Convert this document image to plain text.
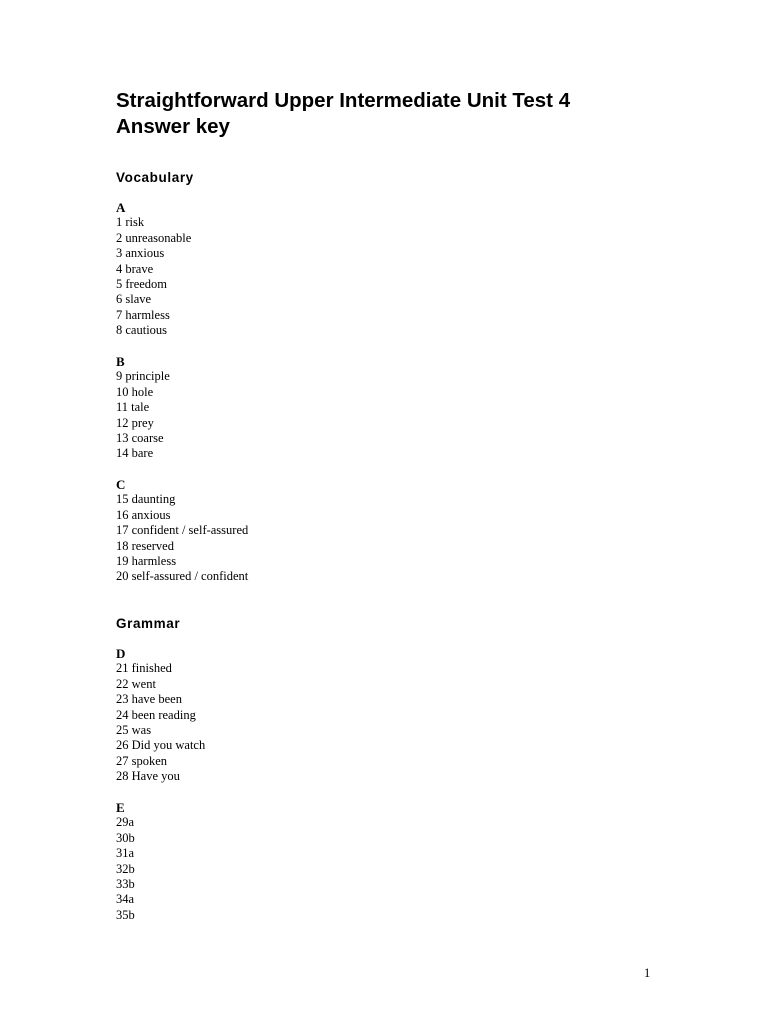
Straightforward Upper Intermediate Unit Test 4
Answer key
Vocabulary
A
1 risk
2 unreasonable
3 anxious
4 brave
5 freedom
6 slave
7 harmless
8 cautious
B
9 principle
10 hole
11 tale
12 prey
13 coarse
14 bare
C
15 daunting
16 anxious
17 confident / self-assured
18 reserved
19 harmless
20 self-assured / confident
Grammar
D
21 finished
22 went
23 have been
24 been reading
25 was
26 Did you watch
27 spoken
28 Have you
E
29a
30b
31a
32b
33b
34a
35b
1
